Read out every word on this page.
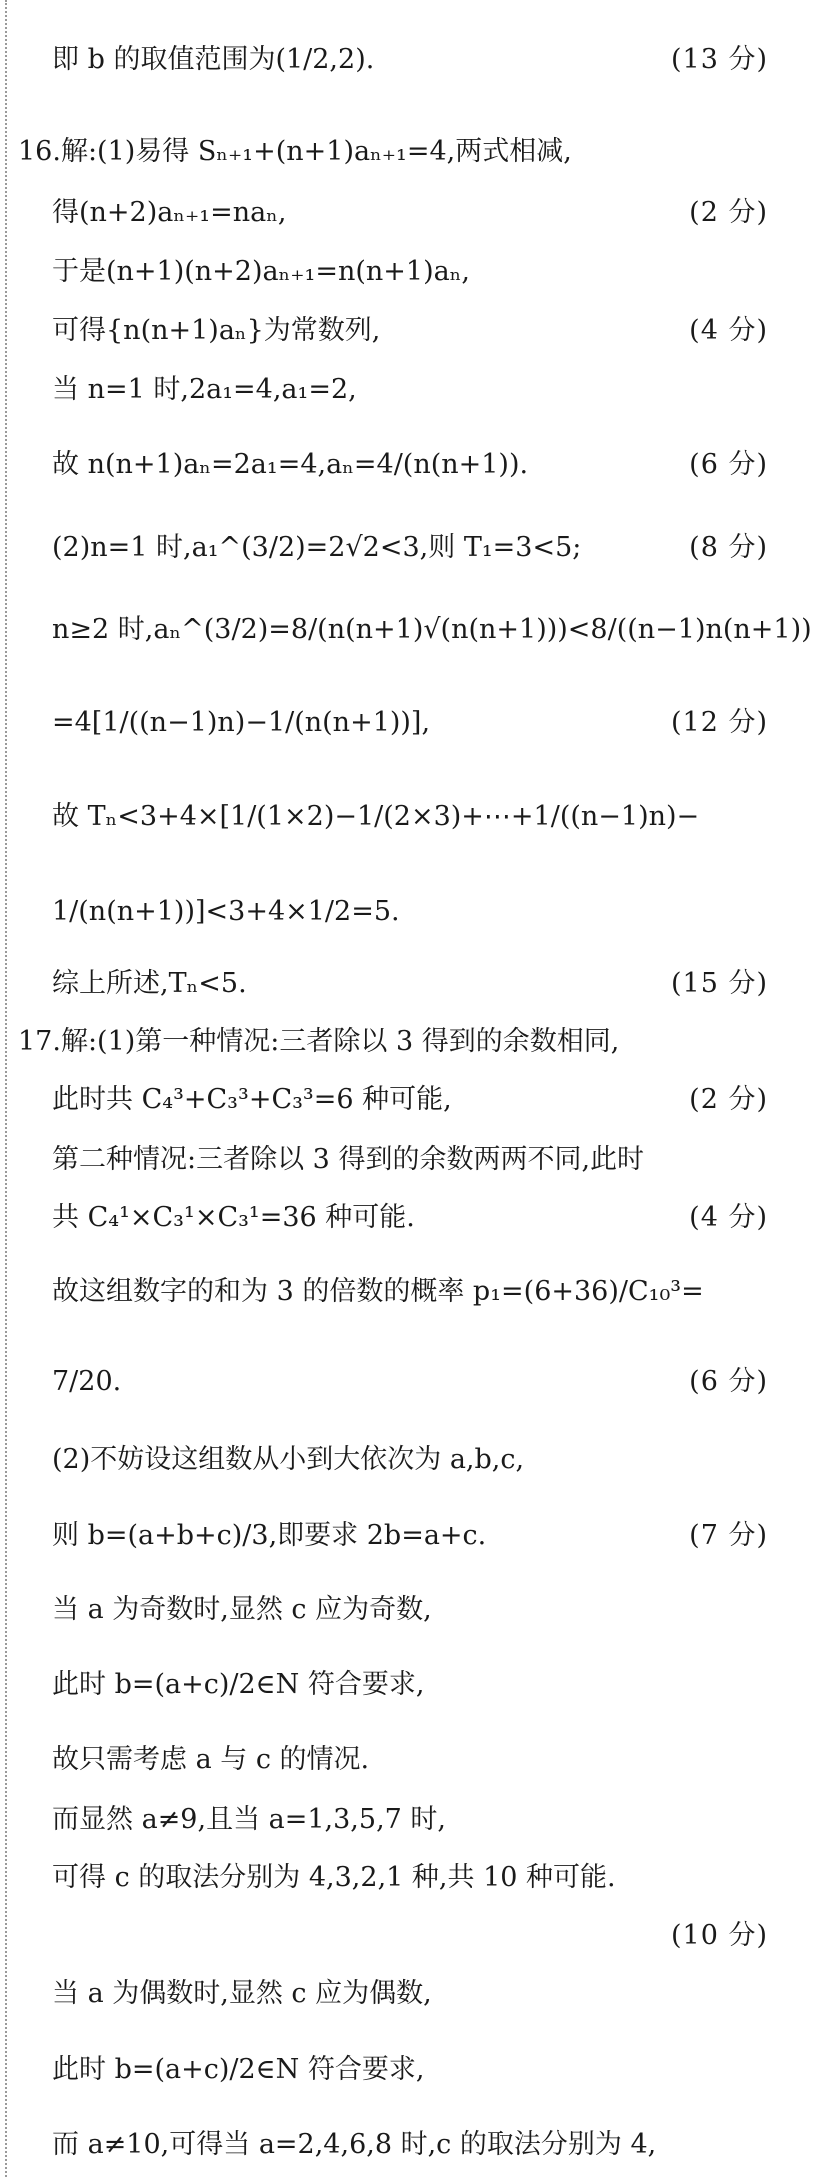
即 b 的取值范围为(1/2,2).	(13 分)
16.解:(1)易得 Sₙ₊₁+(n+1)aₙ₊₁=4,两式相减,
得(n+2)aₙ₊₁=naₙ,	(2 分)
于是(n+1)(n+2)aₙ₊₁=n(n+1)aₙ,
可得{n(n+1)aₙ}为常数列,	(4 分)
当 n=1 时,2a₁=4,a₁=2,
故 n(n+1)aₙ=2a₁=4,aₙ=4/(n(n+1)).	(6 分)
(2)n=1 时,a₁^(3/2)=2√2<3,则 T₁=3<5;	(8 分)
n≥2 时,aₙ^(3/2)=8/(n(n+1)√(n(n+1)))<8/((n−1)n(n+1))
=4[1/((n−1)n)−1/(n(n+1))],	(12 分)
故 Tₙ<3+4×[1/(1×2)−1/(2×3)+⋯+1/((n−1)n)−
1/(n(n+1))]<3+4×1/2=5.
综上所述,Tₙ<5.	(15 分)
17.解:(1)第一种情况:三者除以 3 得到的余数相同,
此时共 C₄³+C₃³+C₃³=6 种可能,	(2 分)
第二种情况:三者除以 3 得到的余数两两不同,此时
共 C₄¹×C₃¹×C₃¹=36 种可能.	(4 分)
故这组数字的和为 3 的倍数的概率 p₁=(6+36)/C₁₀³=
7/20.	(6 分)
(2)不妨设这组数从小到大依次为 a,b,c,
则 b=(a+b+c)/3,即要求 2b=a+c.	(7 分)
当 a 为奇数时,显然 c 应为奇数,
此时 b=(a+c)/2∈N 符合要求,
故只需考虑 a 与 c 的情况.
而显然 a≠9,且当 a=1,3,5,7 时,
可得 c 的取法分别为 4,3,2,1 种,共 10 种可能.
(10 分)
当 a 为偶数时,显然 c 应为偶数,
此时 b=(a+c)/2∈N 符合要求,
而 a≠10,可得当 a=2,4,6,8 时,c 的取法分别为 4,
